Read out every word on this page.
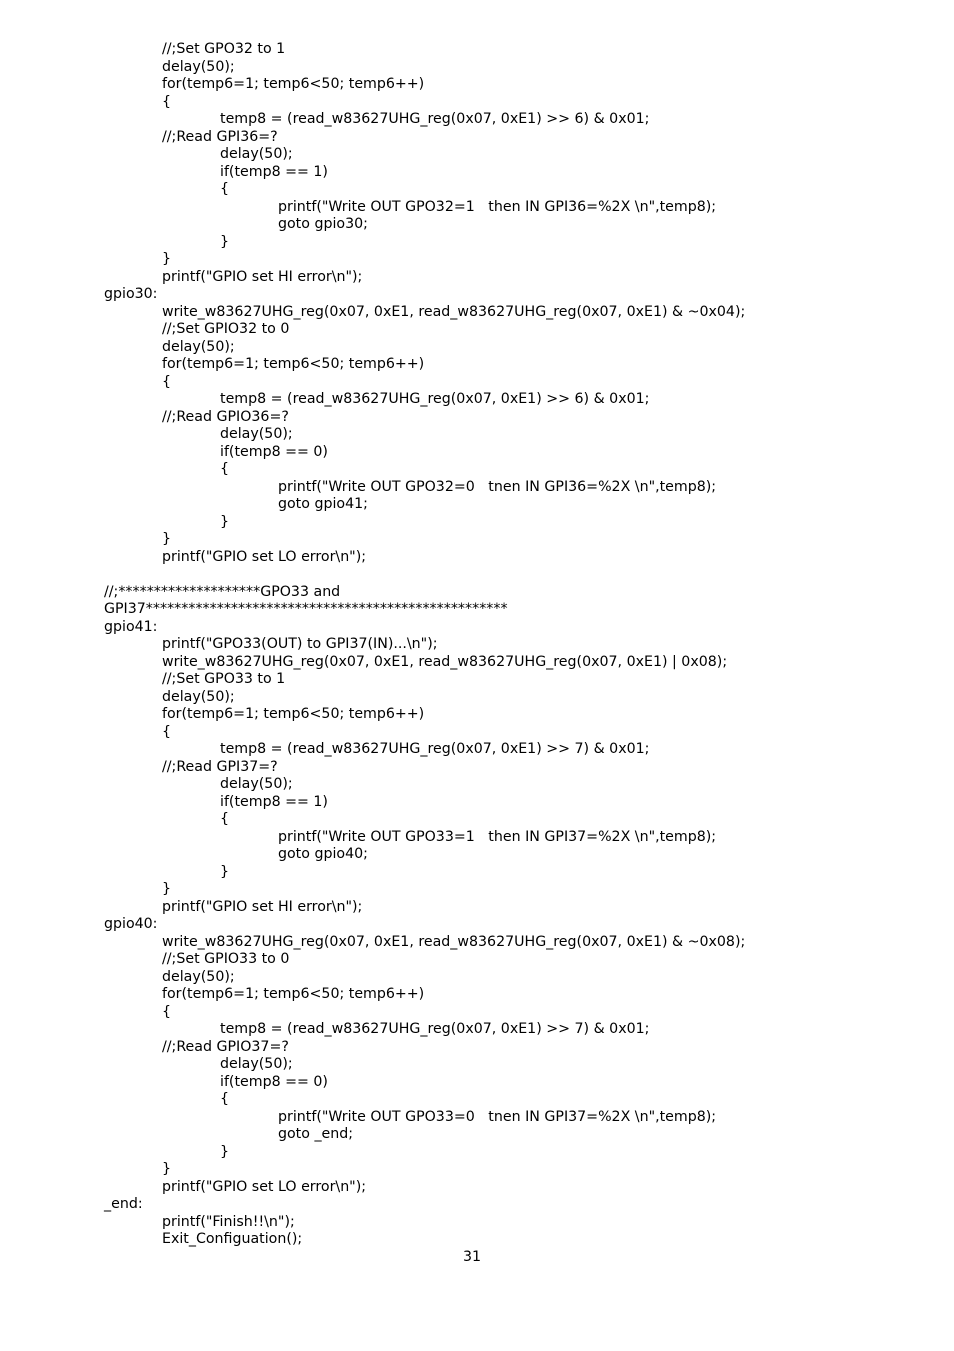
//;Set GPO32 to 1
delay(50);
for(temp6=1; temp6<50; temp6++)
{
temp8 = (read_w83627UHG_reg(0x07, 0xE1) >> 6) & 0x01;
//;Read GPI36=?
delay(50);
if(temp8 == 1)
{
printf("Write OUT GPO32=1   then IN GPI36=%2X \n",temp8);
goto gpio30;
}
}
printf("GPIO set HI error\n");
gpio30:
write_w83627UHG_reg(0x07, 0xE1, read_w83627UHG_reg(0x07, 0xE1) & ~0x04);
//;Set GPIO32 to 0
delay(50);
for(temp6=1; temp6<50; temp6++)
{
temp8 = (read_w83627UHG_reg(0x07, 0xE1) >> 6) & 0x01;
//;Read GPIO36=?
delay(50);
if(temp8 == 0)
{
printf("Write OUT GPO32=0   tnen IN GPI36=%2X \n",temp8);
goto gpio41;
}
}
printf("GPIO set LO error\n");
//;********************GPO33 and
GPI37***************************************************
gpio41:
printf("GPO33(OUT) to GPI37(IN)...\n");
write_w83627UHG_reg(0x07, 0xE1, read_w83627UHG_reg(0x07, 0xE1) | 0x08);
//;Set GPO33 to 1
delay(50);
for(temp6=1; temp6<50; temp6++)
{
temp8 = (read_w83627UHG_reg(0x07, 0xE1) >> 7) & 0x01;
//;Read GPI37=?
delay(50);
if(temp8 == 1)
{
printf("Write OUT GPO33=1   then IN GPI37=%2X \n",temp8);
goto gpio40;
}
}
printf("GPIO set HI error\n");
gpio40:
write_w83627UHG_reg(0x07, 0xE1, read_w83627UHG_reg(0x07, 0xE1) & ~0x08);
//;Set GPIO33 to 0
delay(50);
for(temp6=1; temp6<50; temp6++)
{
temp8 = (read_w83627UHG_reg(0x07, 0xE1) >> 7) & 0x01;
//;Read GPIO37=?
delay(50);
if(temp8 == 0)
{
printf("Write OUT GPO33=0   tnen IN GPI37=%2X \n",temp8);
goto _end;
}
}
printf("GPIO set LO error\n");
_end:
printf("Finish!!\n");
Exit_Configuation();
31
